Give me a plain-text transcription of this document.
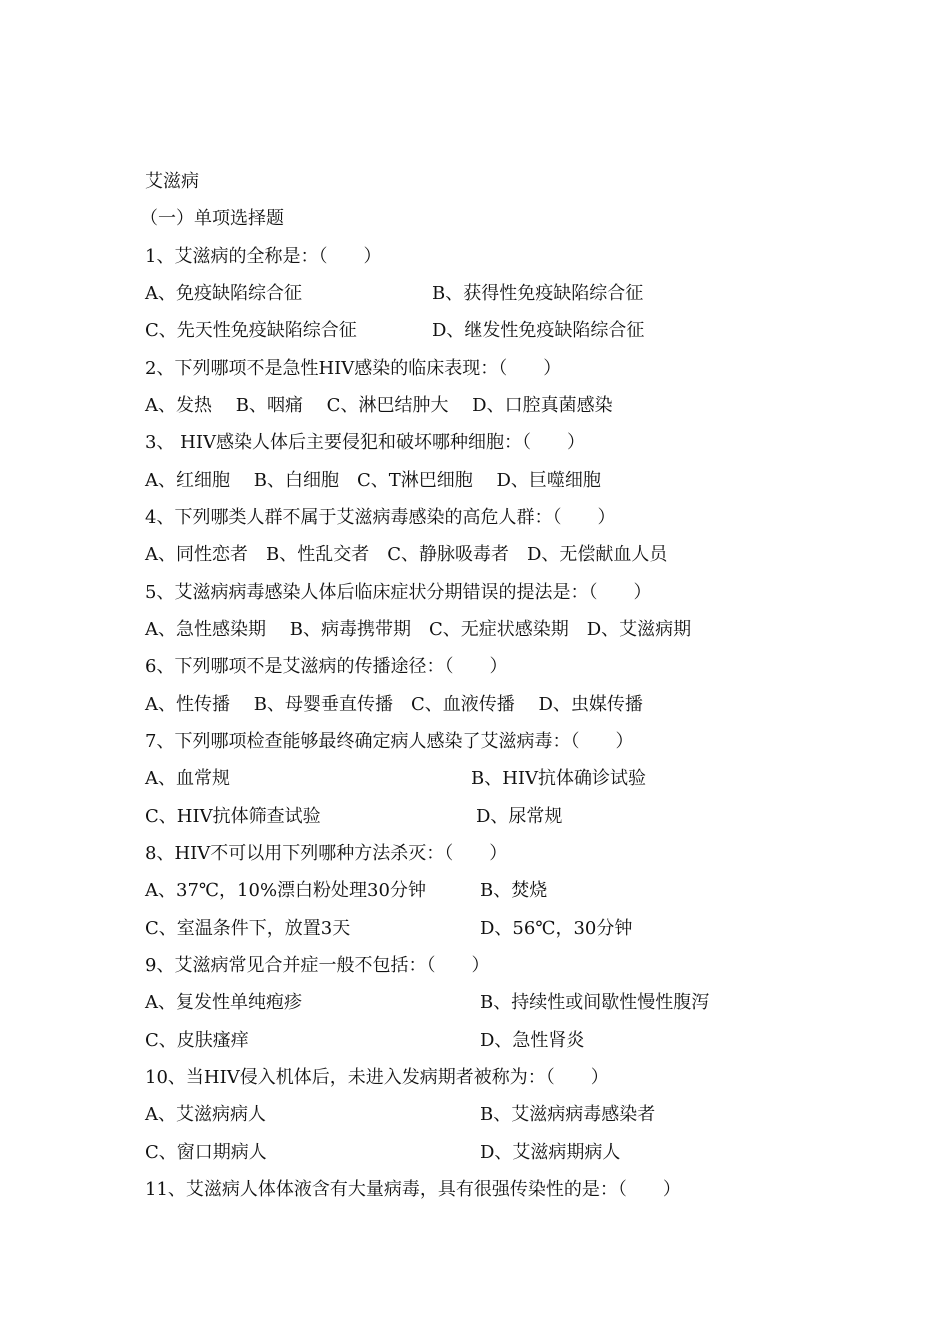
艾滋病
（一）单项选择题
1、艾滋病的全称是：（　　）
A、免疫缺陷综合征	B、获得性免疫缺陷综合征
C、先天性免疫缺陷综合征	D、继发性免疫缺陷综合征
2、下列哪项不是急性HIV感染的临床表现：（　　）
A、发热　 B、咽痛　 C、淋巴结肿大　 D、口腔真菌感染
3、 HIV感染人体后主要侵犯和破坏哪种细胞：（　　）
A、红细胞　 B、白细胞　C、T淋巴细胞　 D、巨噬细胞
4、下列哪类人群不属于艾滋病毒感染的高危人群：（　　）
A、同性恋者　B、性乱交者　C、静脉吸毒者　D、无偿献血人员
5、艾滋病病毒感染人体后临床症状分期错误的提法是：（　　）
A、急性感染期　 B、病毒携带期　C、无症状感染期　D、艾滋病期
6、下列哪项不是艾滋病的传播途径：（　　）
A、性传播　 B、母婴垂直传播　C、血液传播　 D、虫媒传播
7、下列哪项检查能够最终确定病人感染了艾滋病毒：（　　）
A、血常规	B、HIV抗体确诊试验
C、HIV抗体筛查试验	D、尿常规
8、HIV不可以用下列哪种方法杀灭：（　　）
A、37℃，10%漂白粉处理30分钟	B、焚烧
C、室温条件下，放置3天	D、56℃，30分钟
9、艾滋病常见合并症一般不包括：（　　）
A、复发性单纯疱疹	B、持续性或间歇性慢性腹泻
C、皮肤瘙痒	D、急性肾炎
10、当HIV侵入机体后，未进入发病期者被称为：（　　）
A、艾滋病病人	B、艾滋病病毒感染者
C、窗口期病人	D、艾滋病期病人
11、艾滋病人体体液含有大量病毒，具有很强传染性的是：（　　）
